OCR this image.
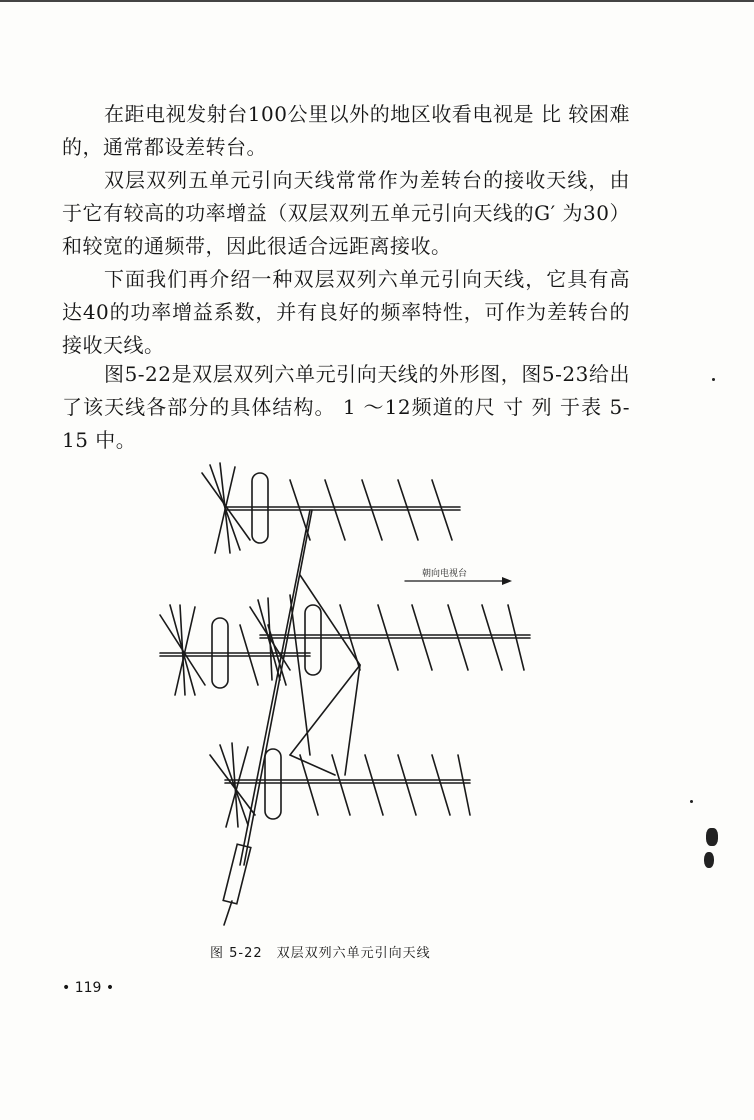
在距电视发射台100公里以外的地区收看电视是 比 较困难的，通常都设差转台。

双层双列五单元引向天线常常作为差转台的接收天线，由于它有较高的功率增益（双层双列五单元引向天线的G′ 为30）和较宽的通频带，因此很适合远距离接收。

下面我们再介绍一种双层双列六单元引向天线，它具有高达40的功率增益系数，并有良好的频率特性，可作为差转台的接收天线。

图5-22是双层双列六单元引向天线的外形图，图5-23给出了该天线各部分的具体结构。 1 ～12频道的尺 寸 列 于表 5-15 中。

朝向电视台
图 5-22　双层双列六单元引向天线
• 119 •
